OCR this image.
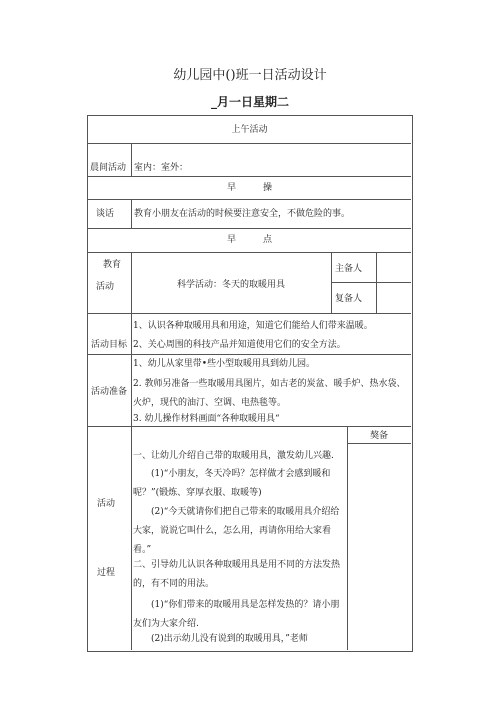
幼儿园中()班一日活动设计
_月一日星期二
上午活动
晨间活动 室内：室外：
早　　　操
谈话 教育小朋友在活动的时候要注意安全，不做危险的事。
早　　　点
教育
活动	科学活动：冬天的取暖用具
主备人
复备人
活动目标
1、认识各种取暖用具和用途，知道它们能给人们带来温暖。
2、关心周围的科技产品并知道使用它们的安全方法。
活动准备
1、幼儿从家里带•些小型取暖用具到幼儿园。
2. 教师另准备一些取暖用具图片，如古老的炭盆、暖手炉、热水袋、火炉，现代的油汀、空调、电热毯等。
3. 幼儿操作材料画面“各种取暖用具“
活动
过程
獒备
一、让幼儿介绍自己带的取暖用具，激发幼儿兴趣.
(1)“小朋友，冬天冷吗？怎样做才会感到暖和呢？”(锻炼、穿厚衣服、取暖等)
(2)“今天就请你们把自己带来的取暖用具介绍给大家，说说它叫什么，怎么用，再请你用给大家看看。”
二、引导幼儿认识各种取暖用具是用不同的方法发热的，有不同的用法。
(1)“你们带来的取暖用具是怎样发热的？请小朋友们为大家介绍.
(2)出示幼儿没有说到的取暖用具，”老师
